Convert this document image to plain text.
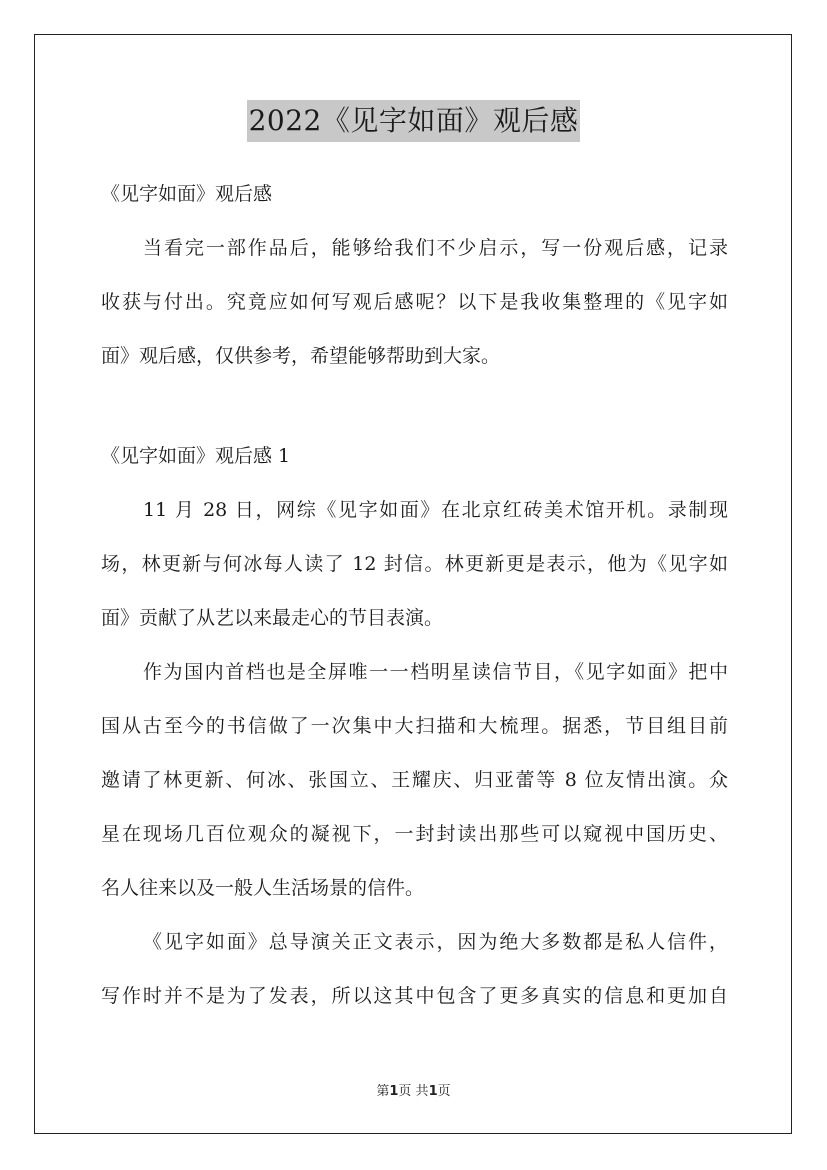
2022《见字如面》观后感
《见字如面》观后感
当看完一部作品后，能够给我们不少启示，写一份观后感，记录
收获与付出。究竟应如何写观后感呢？以下是我收集整理的《见字如
面》观后感，仅供参考，希望能够帮助到大家。
《见字如面》观后感 1
11 月 28 日，网综《见字如面》在北京红砖美术馆开机。录制现
场，林更新与何冰每人读了 12 封信。林更新更是表示，他为《见字如
面》贡献了从艺以来最走心的节目表演。
作为国内首档也是全屏唯一一档明星读信节目，《见字如面》把中
国从古至今的书信做了一次集中大扫描和大梳理。据悉，节目组目前
邀请了林更新、何冰、张国立、王耀庆、归亚蕾等 8 位友情出演。众
星在现场几百位观众的凝视下，一封封读出那些可以窥视中国历史、
名人往来以及一般人生活场景的信件。
《见字如面》总导演关正文表示，因为绝大多数都是私人信件，
写作时并不是为了发表，所以这其中包含了更多真实的信息和更加自
第1页 共1页
